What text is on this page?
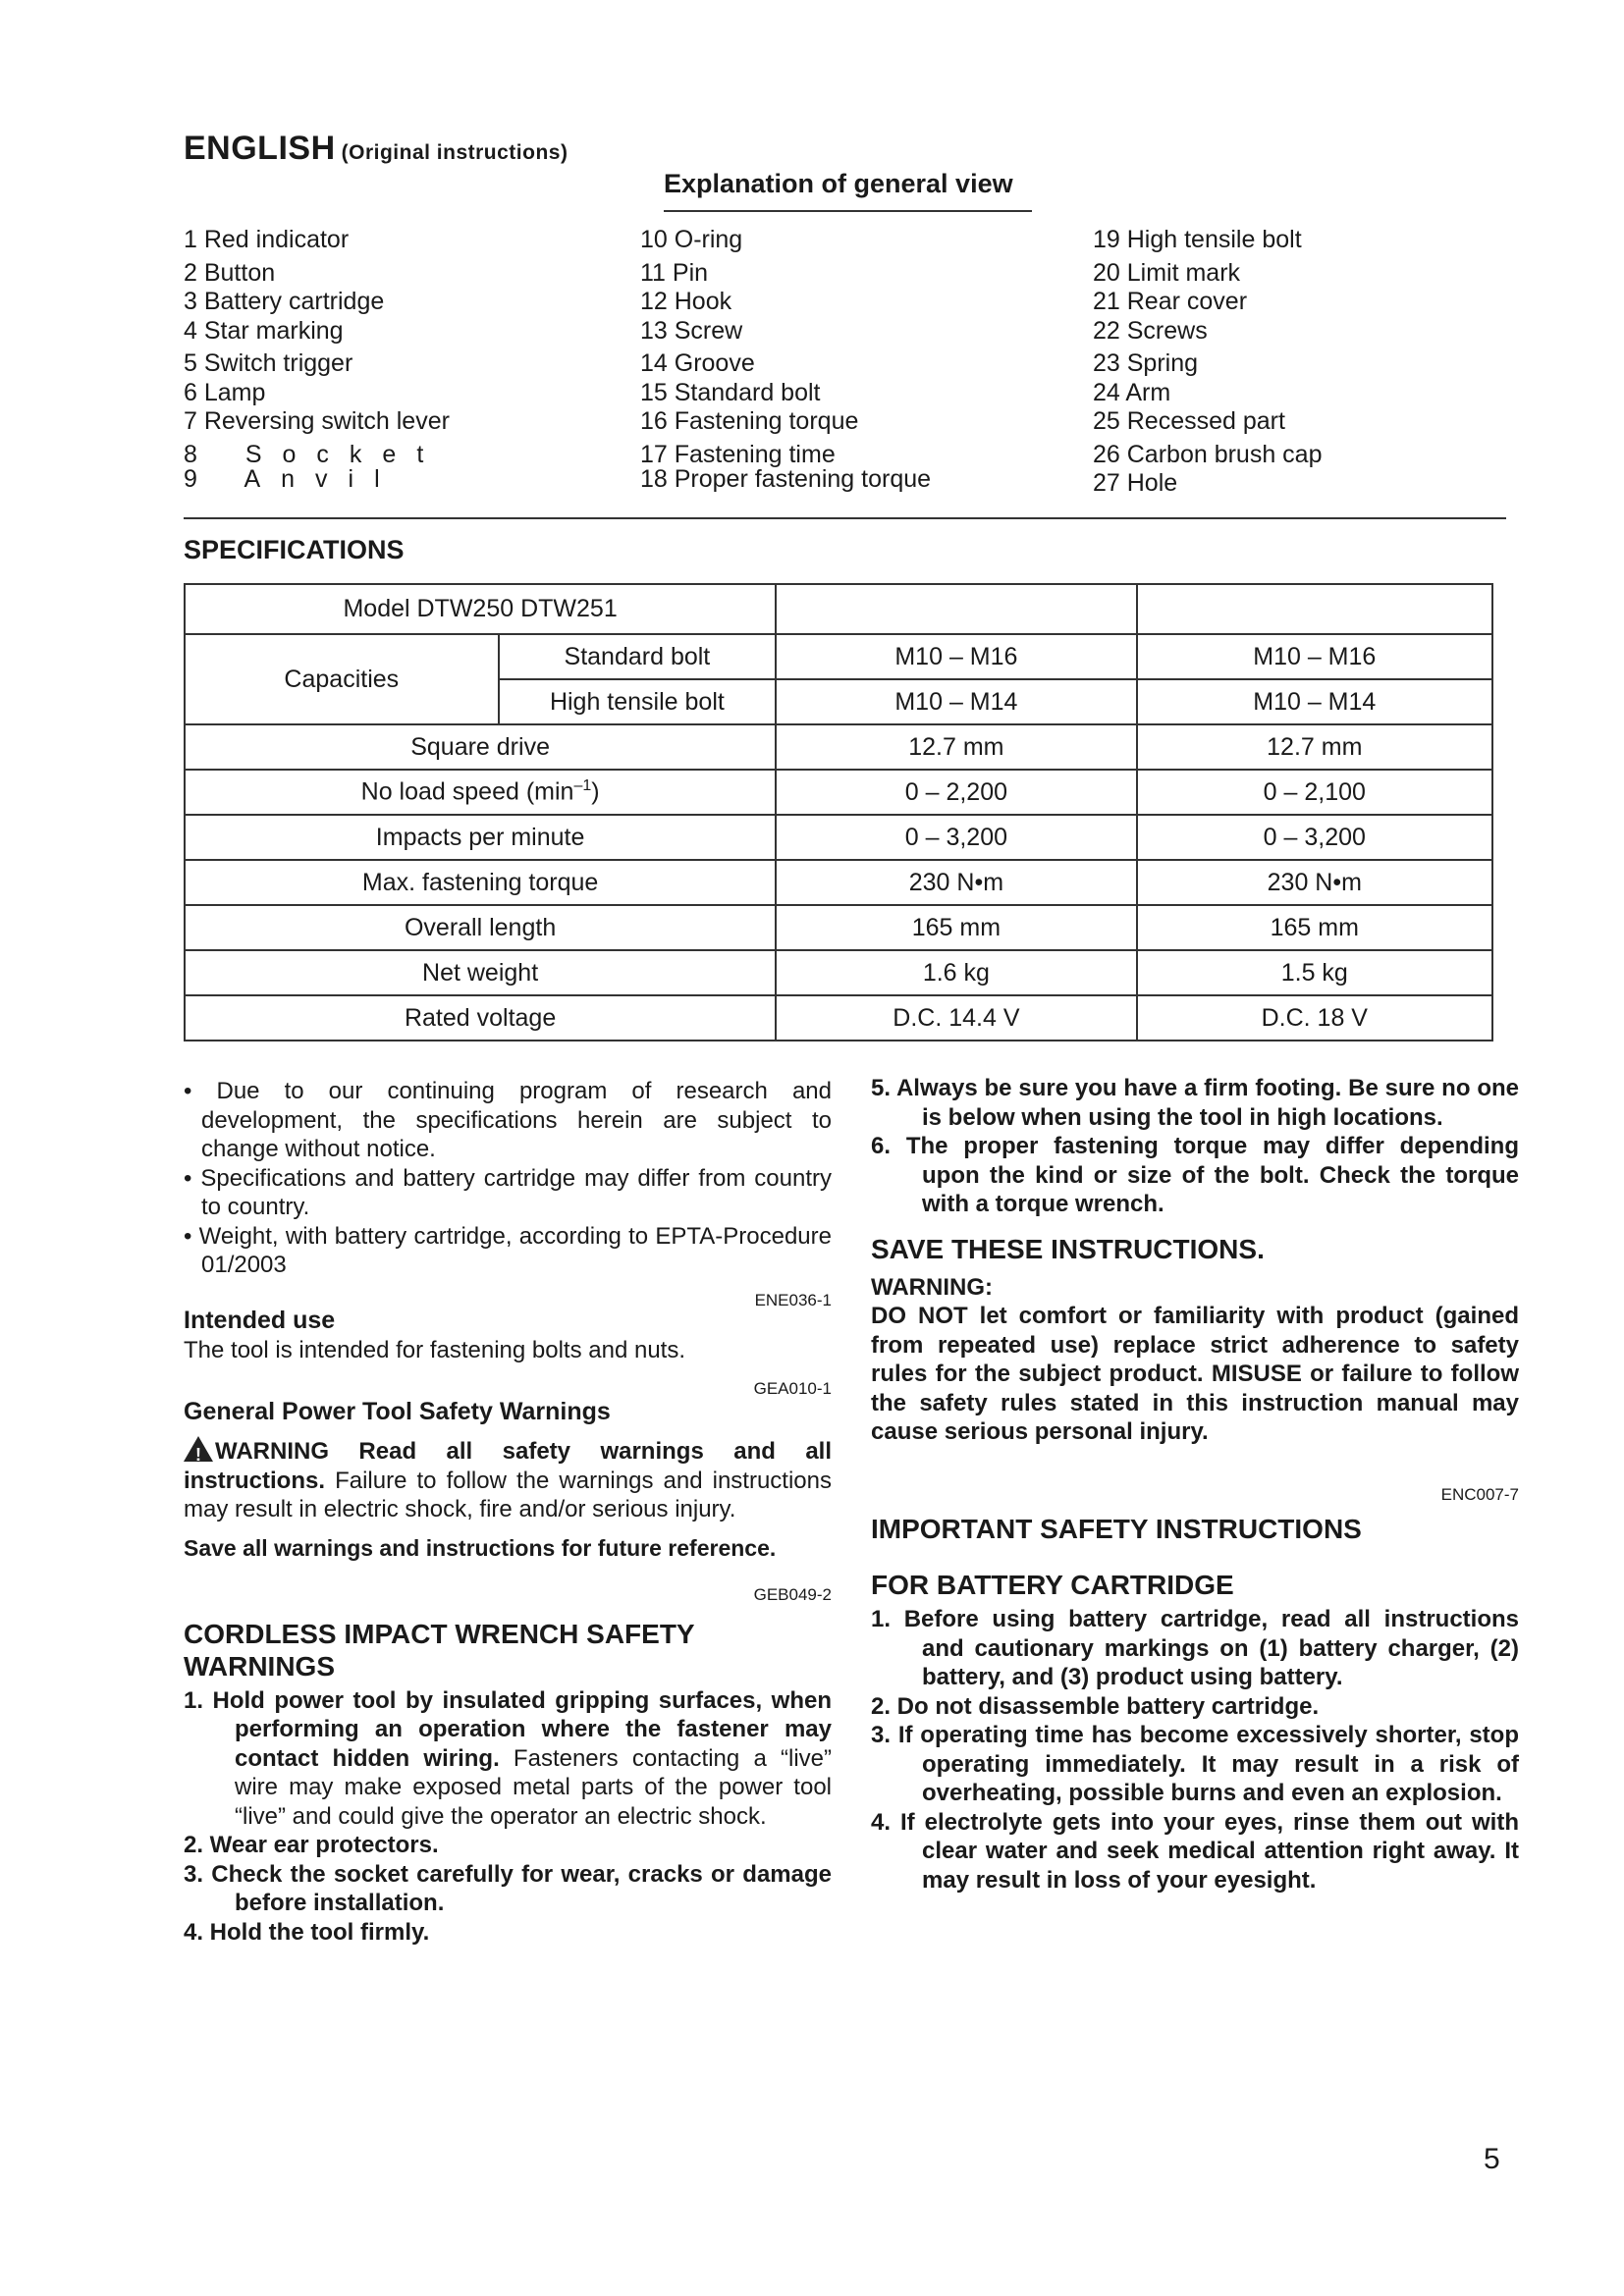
ENGLISH (Original instructions)
Explanation of general view
1 Red indicator
2 Button
3 Battery cartridge
4 Star marking
5 Switch trigger
6 Lamp
7 Reversing switch lever
8 Socket
9 Anvil
10 O-ring
11 Pin
12 Hook
13 Screw
14 Groove
15 Standard bolt
16 Fastening torque
17 Fastening time
18 Proper fastening torque
19 High tensile bolt
20 Limit mark
21 Rear cover
22 Screws
23 Spring
24 Arm
25 Recessed part
26 Carbon brush cap
27 Hole
SPECIFICATIONS
Model DTW250 DTW251			
Capacities	Standard bolt	M10 – M16	M10 – M16
	High tensile bolt	M10 – M14	M10 – M14
Square drive		12.7 mm	12.7 mm
No load speed $(\min^{-1})$		0 – 2,200	0 – 2,100
Impacts per minute		0 – 3,200	0 – 3,200
Max. fastening torque		230 N•m	230 N•m
Overall length		165 mm	165 mm
Net weight		1.6 kg	1.5 kg
Rated voltage		D.C. 14.4 V	D.C. 18 V

• Due to our continuing program of research and development, the specifications herein are subject to change without notice.

• Specifications and battery cartridge may differ from country to country.

• Weight, with battery cartridge, according to EPTA-Procedure 01/2003

ENE036-1

Intended use

The tool is intended for fastening bolts and nuts.

GEA010-1

General Power Tool Safety Warnings

!WARNING Read all safety warnings and all instructions. Failure to follow the warnings and instructions may result in electric shock, fire and/or serious injury.

Save all warnings and instructions for future reference.

GEB049-2

CORDLESS IMPACT WRENCH SAFETY WARNINGS

1. Hold power tool by insulated gripping surfaces, when performing an operation where the fastener may contact hidden wiring. Fasteners contacting a “live” wire may make exposed metal parts of the power tool “live” and could give the operator an electric shock.

2. Wear ear protectors.

3. Check the socket carefully for wear, cracks or damage before installation.

4. Hold the tool firmly.

5. Always be sure you have a firm footing. Be sure no one is below when using the tool in high locations.

6. The proper fastening torque may differ depending upon the kind or size of the bolt. Check the torque with a torque wrench.

SAVE THESE INSTRUCTIONS.

WARNING:

DO NOT let comfort or familiarity with product (gained from repeated use) replace strict adherence to safety rules for the subject product. MISUSE or failure to follow the safety rules stated in this instruction manual may cause serious personal injury.

ENC007-7

IMPORTANT SAFETY INSTRUCTIONS

FOR BATTERY CARTRIDGE

1. Before using battery cartridge, read all instructions and cautionary markings on (1) battery charger, (2) battery, and (3) product using battery.

2. Do not disassemble battery cartridge.

3. If operating time has become excessively shorter, stop operating immediately. It may result in a risk of overheating, possible burns and even an explosion.

4. If electrolyte gets into your eyes, rinse them out with clear water and seek medical attention right away. It may result in loss of your eyesight.

5
